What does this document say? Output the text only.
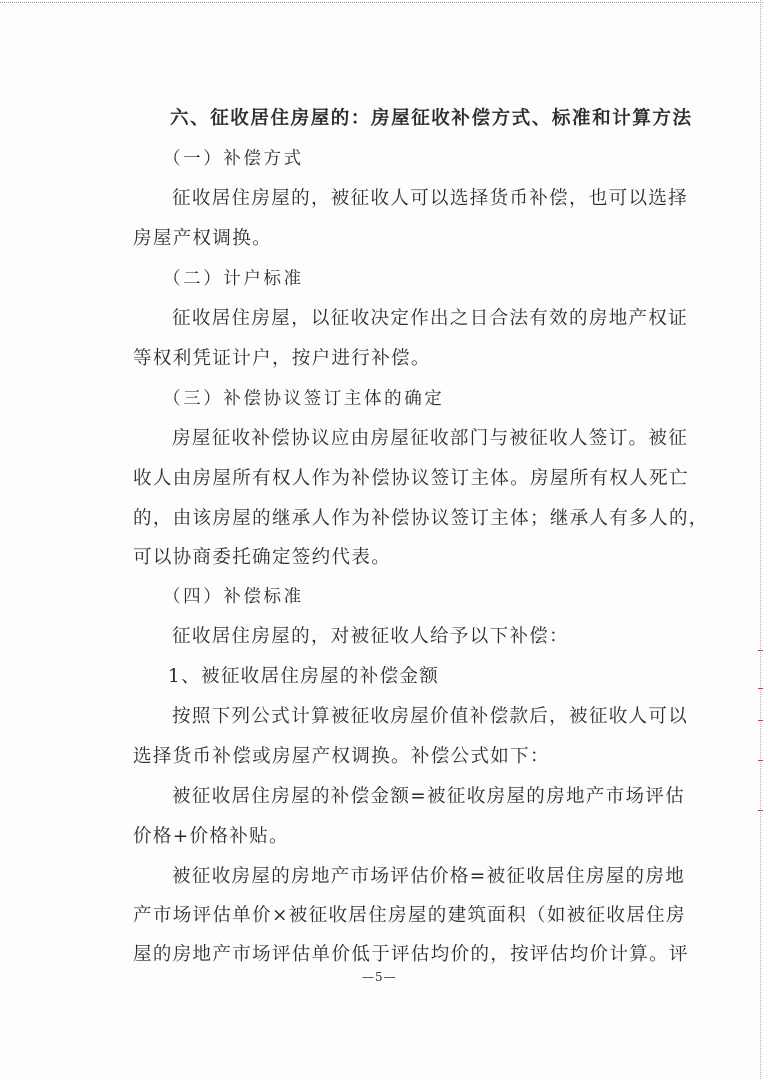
六、征收居住房屋的：房屋征收补偿方式、标准和计算方法
（一）补偿方式
征收居住房屋的，被征收人可以选择货币补偿，也可以选择
房屋产权调换。
（二）计户标准
征收居住房屋，以征收决定作出之日合法有效的房地产权证
等权利凭证计户，按户进行补偿。
（三）补偿协议签订主体的确定
房屋征收补偿协议应由房屋征收部门与被征收人签订。被征
收人由房屋所有权人作为补偿协议签订主体。房屋所有权人死亡
的，由该房屋的继承人作为补偿协议签订主体；继承人有多人的，
可以协商委托确定签约代表。
（四）补偿标准
征收居住房屋的，对被征收人给予以下补偿：
1、被征收居住房屋的补偿金额
按照下列公式计算被征收房屋价值补偿款后，被征收人可以
选择货币补偿或房屋产权调换。补偿公式如下：
被征收居住房屋的补偿金额=被征收房屋的房地产市场评估
价格+价格补贴。
被征收房屋的房地产市场评估价格=被征收居住房屋的房地
产市场评估单价×被征收居住房屋的建筑面积（如被征收居住房
屋的房地产市场评估单价低于评估均价的，按评估均价计算。评
—5—
